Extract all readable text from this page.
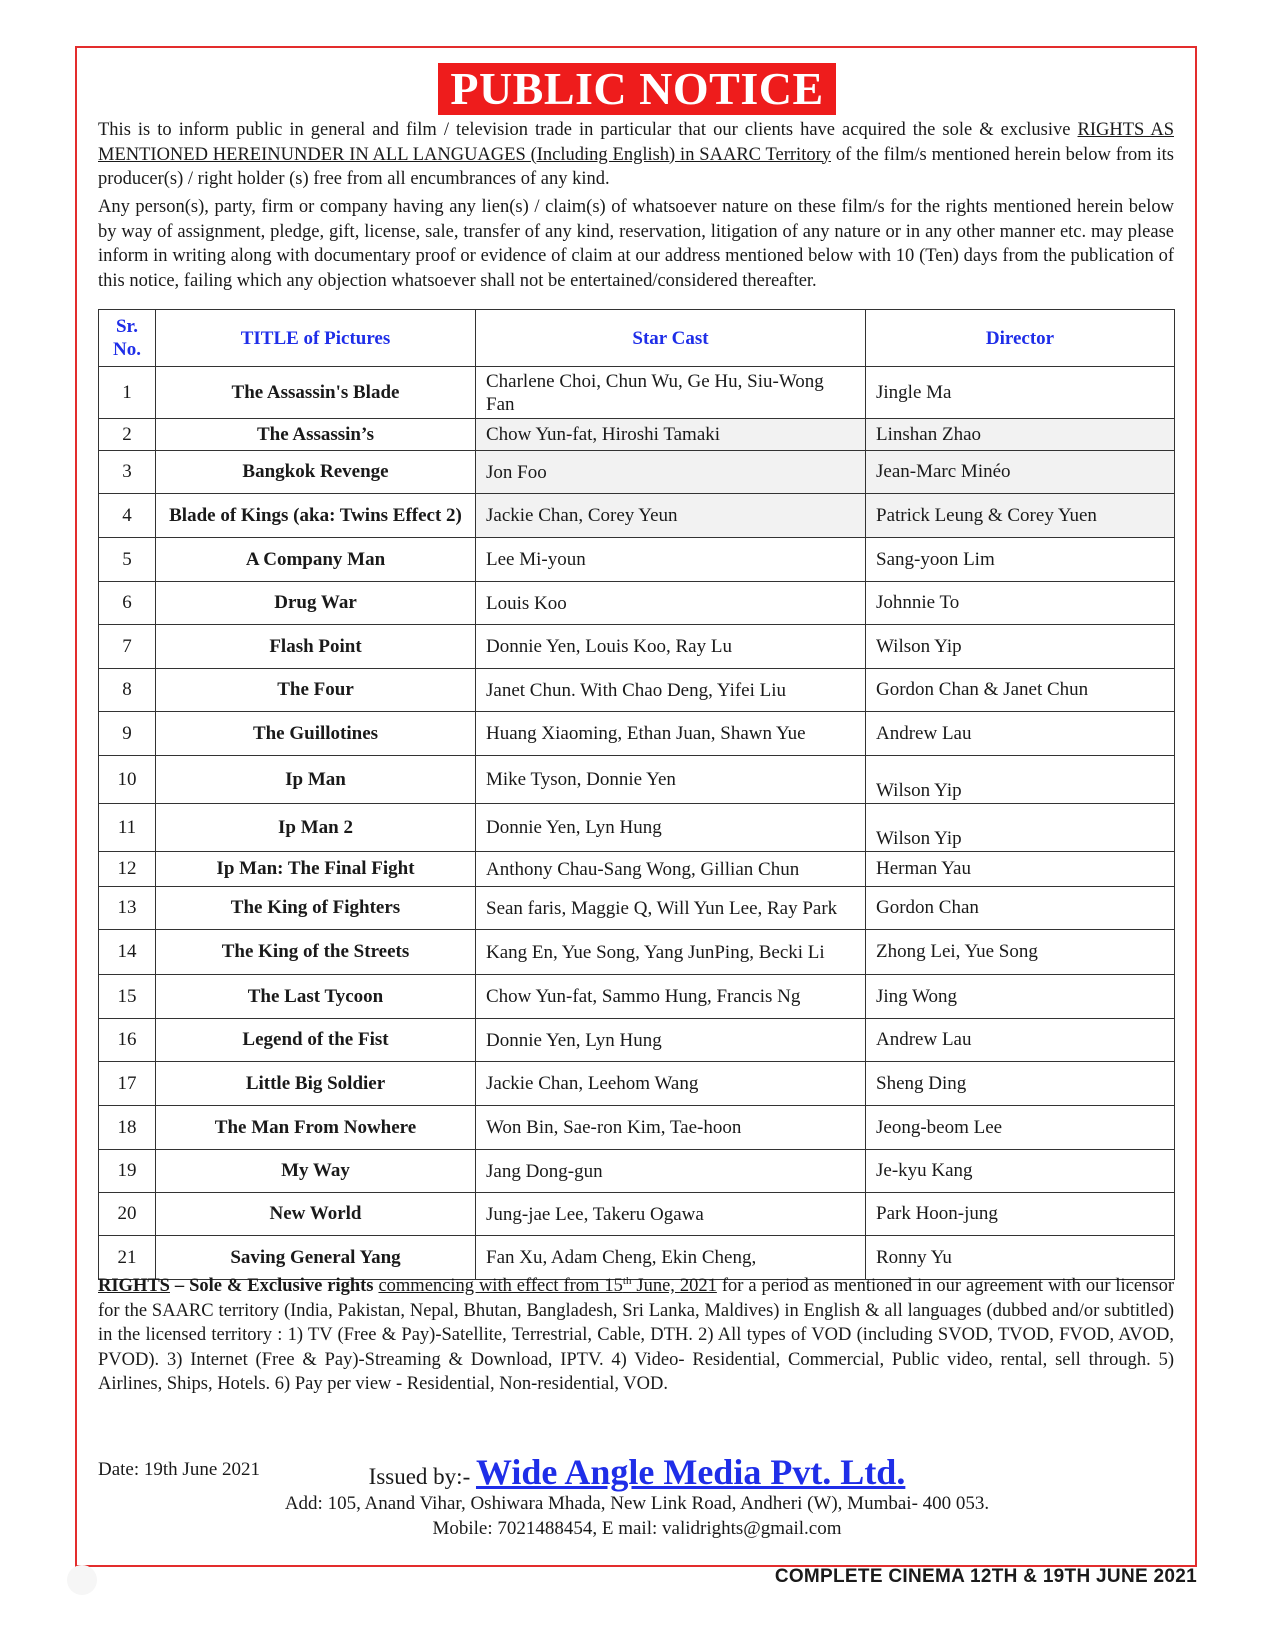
PUBLIC NOTICE

This is to inform public in general and film / television trade in particular that our clients have acquired the sole & exclusive RIGHTS AS MENTIONED HEREINUNDER IN ALL LANGUAGES (Including English) in SAARC Territory of the film/s mentioned herein below from its producer(s) / right holder (s) free from all encumbrances of any kind.

Any person(s), party, firm or company having any lien(s) / claim(s) of whatsoever nature on these film/s for the rights mentioned herein below by way of assignment, pledge, gift, license, sale, transfer of any kind, reservation, litigation of any nature or in any other manner etc. may please inform in writing along with documentary proof or evidence of claim at our address mentioned below with 10 (Ten) days from the publication of this notice, failing which any objection whatsoever shall not be entertained/considered thereafter.

Sr.
No.	TITLE of Pictures	Star Cast	Director
1	The Assassin's Blade	Charlene Choi, Chun Wu, Ge Hu, Siu-Wong Fan	Jingle Ma
2	The Assassin’s	Chow Yun-fat, Hiroshi Tamaki	Linshan Zhao
3	Bangkok Revenge	Jon Foo	Jean-Marc Minéo
4	Blade of Kings (aka: Twins Effect 2)	Jackie Chan, Corey Yeun	Patrick Leung & Corey Yuen
5	A Company Man	Lee Mi-youn	Sang-yoon Lim
6	Drug War	Louis Koo	Johnnie To
7	Flash Point	Donnie Yen, Louis Koo, Ray Lu	Wilson Yip
8	The Four	Janet Chun. With Chao Deng, Yifei Liu	Gordon Chan & Janet Chun
9	The Guillotines	Huang Xiaoming, Ethan Juan, Shawn Yue	Andrew Lau
10	Ip Man	Mike Tyson, Donnie Yen	Wilson Yip
11	Ip Man 2	Donnie Yen, Lyn Hung	Wilson Yip
12	Ip Man: The Final Fight	Anthony Chau-Sang Wong, Gillian Chun	Herman Yau
13	The King of Fighters	Sean faris, Maggie Q, Will Yun Lee, Ray Park	Gordon Chan
14	The King of the Streets	Kang En, Yue Song, Yang JunPing, Becki Li	Zhong Lei, Yue Song
15	The Last Tycoon	Chow Yun-fat, Sammo Hung, Francis Ng	Jing Wong
16	Legend of the Fist	Donnie Yen, Lyn Hung	Andrew Lau
17	Little Big Soldier	Jackie Chan, Leehom Wang	Sheng Ding
18	The Man From Nowhere	Won Bin, Sae-ron Kim, Tae-hoon	Jeong-beom Lee
19	My Way	Jang Dong-gun	Je-kyu Kang
20	New World	Jung-jae Lee, Takeru Ogawa	Park Hoon-jung
21	Saving General Yang	Fan Xu, Adam Cheng, Ekin Cheng,	Ronny Yu

RIGHTS – Sole & Exclusive rights commencing with effect from 15th June, 2021 for a period as mentioned in our agreement with our licensor for the SAARC territory (India, Pakistan, Nepal, Bhutan, Bangladesh, Sri Lanka, Maldives) in English & all languages (dubbed and/or subtitled) in the licensed territory : 1) TV (Free & Pay)-Satellite, Terrestrial, Cable, DTH. 2) All types of VOD (including SVOD, TVOD, FVOD, AVOD, PVOD). 3) Internet (Free & Pay)-Streaming & Download, IPTV. 4) Video- Residential, Commercial, Public video, rental, sell through. 5) Airlines, Ships, Hotels. 6) Pay per view - Residential, Non-residential, VOD.

Date: 19th June 2021	Issued by:- Wide Angle Media Pvt. Ltd.
Add: 105, Anand Vihar, Oshiwara Mhada, New Link Road, Andheri (W), Mumbai- 400 053.
Mobile: 7021488454, E mail: validrights@gmail.com
COMPLETE CINEMA 12TH & 19TH JUNE 2021
